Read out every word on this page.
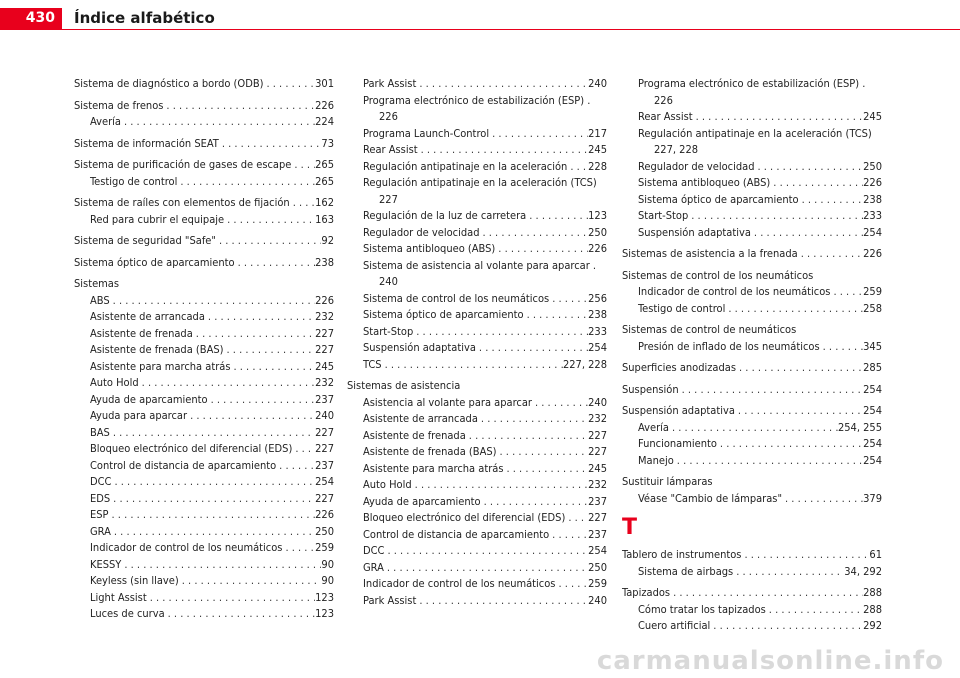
430	Índice alfabético
Sistema de diagnóstico a bordo (ODB) . . .	301
Sistema de frenos . . .	226
Avería . . .	224
Sistema de información SEAT . . .	73
Sistema de purificación de gases de escape . . . 265
Testigo de control . . .	265
Sistema de raíles con elementos de fijación . . . 162
Red para cubrir el equipaje . . .	163
Sistema de seguridad "Safe" . . .	92
Sistema óptico de aparcamiento . . .	238
Sistemas
ABS . . .	226
Asistente de arrancada . . .	232
Asistente de frenada . . .	227
Asistente de frenada (BAS) . . .	227
Asistente para marcha atrás . . .	245
Auto Hold . . .	232
Ayuda de aparcamiento . . .	237
Ayuda para aparcar . . .	240
BAS . . .	227
Bloqueo electrónico del diferencial (EDS) . . . 227
Control de distancia de aparcamiento . . .	237
DCC . . .	254
EDS . . .	227
ESP . . .	226
GRA . . .	250
Indicador de control de los neumáticos . . .	259
KESSY . . .	90
Keyless (sin llave) . . .	90
Light Assist . . .	123
Luces de curva . . .	123
Park Assist . . .	240
Programa electrónico de estabilización (ESP) .
226
Programa Launch-Control . . .	217
Rear Assist . . .	245
Regulación antipatinaje en la aceleración . . . 228
Regulación antipatinaje en la aceleración (TCS)
227
Regulación de la luz de carretera . . .	123
Regulador de velocidad . . .	250
Sistema antibloqueo (ABS) . . .	226
Sistema de asistencia al volante para aparcar .
240
Sistema de control de los neumáticos . . .	256
Sistema óptico de aparcamiento . . .	238
Start-Stop . . .	233
Suspensión adaptativa . . .	254
TCS . . .	227, 228
Sistemas de asistencia
Asistencia al volante para aparcar . . .	240
Asistente de arrancada . . .	232
Asistente de frenada . . .	227
Asistente de frenada (BAS) . . .	227
Asistente para marcha atrás . . .	245
Auto Hold . . .	232
Ayuda de aparcamiento . . .	237
Bloqueo electrónico del diferencial (EDS) . . . 227
Control de distancia de aparcamiento . . .	237
DCC . . .	254
GRA . . .	250
Indicador de control de los neumáticos . . .	259
Park Assist . . .	240
Programa electrónico de estabilización (ESP) .
226
Rear Assist . . .	245
Regulación antipatinaje en la aceleración (TCS)
227, 228
Regulador de velocidad . . .	250
Sistema antibloqueo (ABS) . . .	226
Sistema óptico de aparcamiento . . .	238
Start-Stop . . .	233
Suspensión adaptativa . . .	254
Sistemas de asistencia a la frenada . . .	226
Sistemas de control de los neumáticos
Indicador de control de los neumáticos . . .	259
Testigo de control . . .	258
Sistemas de control de neumáticos
Presión de inflado de los neumáticos . . .	345
Superficies anodizadas . . .	285
Suspensión . . .	254
Suspensión adaptativa . . .	254
Avería . . .	254, 255
Funcionamiento . . .	254
Manejo . . .	254
Sustituir lámparas
Véase "Cambio de lámparas" . . .	379
T
Tablero de instrumentos . . .	61
Sistema de airbags . . .	34, 292
Tapizados . . .	288
Cómo tratar los tapizados . . .	288
Cuero artificial . . .	292
carmanualsonline.info
